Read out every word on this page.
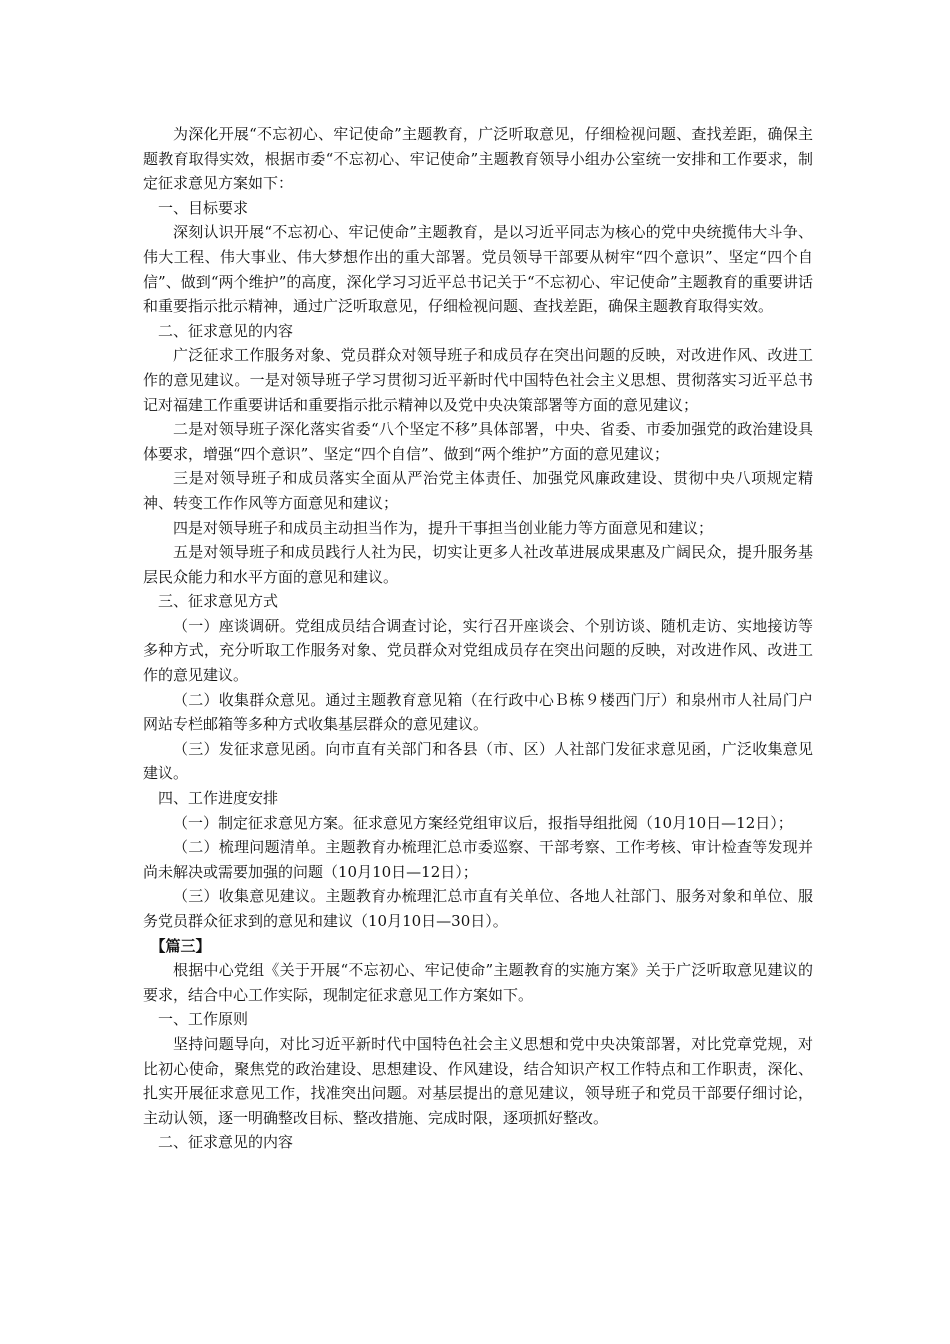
为深化开展“不忘初心、牢记使命”主题教育，广泛听取意见，仔细检视问题、查找差距，确保主题教育取得实效，根据市委“不忘初心、牢记使命”主题教育领导小组办公室统一安排和工作要求，制定征求意见方案如下：

一、目标要求

深刻认识开展“不忘初心、牢记使命”主题教育，是以习近平同志为核心的党中央统揽伟大斗争、伟大工程、伟大事业、伟大梦想作出的重大部署。党员领导干部要从树牢“四个意识”、坚定“四个自信”、做到“两个维护”的高度，深化学习习近平总书记关于“不忘初心、牢记使命”主题教育的重要讲话和重要指示批示精神，通过广泛听取意见，仔细检视问题、查找差距，确保主题教育取得实效。

二、征求意见的内容

广泛征求工作服务对象、党员群众对领导班子和成员存在突出问题的反映，对改进作风、改进工作的意见建议。一是对领导班子学习贯彻习近平新时代中国特色社会主义思想、贯彻落实习近平总书记对福建工作重要讲话和重要指示批示精神以及党中央决策部署等方面的意见建议；

二是对领导班子深化落实省委“八个坚定不移”具体部署，中央、省委、市委加强党的政治建设具体要求，增强“四个意识”、坚定“四个自信”、做到“两个维护”方面的意见建议；

三是对领导班子和成员落实全面从严治党主体责任、加强党风廉政建设、贯彻中央八项规定精神、转变工作作风等方面意见和建议；

四是对领导班子和成员主动担当作为，提升干事担当创业能力等方面意见和建议；

五是对领导班子和成员践行人社为民，切实让更多人社改革进展成果惠及广阔民众，提升服务基层民众能力和水平方面的意见和建议。

三、征求意见方式

（一）座谈调研。党组成员结合调查讨论，实行召开座谈会、个别访谈、随机走访、实地接访等多种方式，充分听取工作服务对象、党员群众对党组成员存在突出问题的反映，对改进作风、改进工作的意见建议。

（二）收集群众意见。通过主题教育意见箱（在行政中心Ｂ栋９楼西门厅）和泉州市人社局门户网站专栏邮箱等多种方式收集基层群众的意见建议。

（三）发征求意见函。向市直有关部门和各县（市、区）人社部门发征求意见函，广泛收集意见建议。

四、工作进度安排

（一）制定征求意见方案。征求意见方案经党组审议后，报指导组批阅（10月10日—12日）；

（二）梳理问题清单。主题教育办梳理汇总市委巡察、干部考察、工作考核、审计检查等发现并尚未解决或需要加强的问题（10月10日—12日）；

（三）收集意见建议。主题教育办梳理汇总市直有关单位、各地人社部门、服务对象和单位、服务党员群众征求到的意见和建议（10月10日—30日）。

【篇三】

根据中心党组《关于开展“不忘初心、牢记使命”主题教育的实施方案》关于广泛听取意见建议的要求，结合中心工作实际，现制定征求意见工作方案如下。

一、工作原则

坚持问题导向，对比习近平新时代中国特色社会主义思想和党中央决策部署，对比党章党规，对比初心使命，聚焦党的政治建设、思想建设、作风建设，结合知识产权工作特点和工作职责，深化、扎实开展征求意见工作，找准突出问题。对基层提出的意见建议，领导班子和党员干部要仔细讨论，主动认领，逐一明确整改目标、整改措施、完成时限，逐项抓好整改。

二、征求意见的内容
